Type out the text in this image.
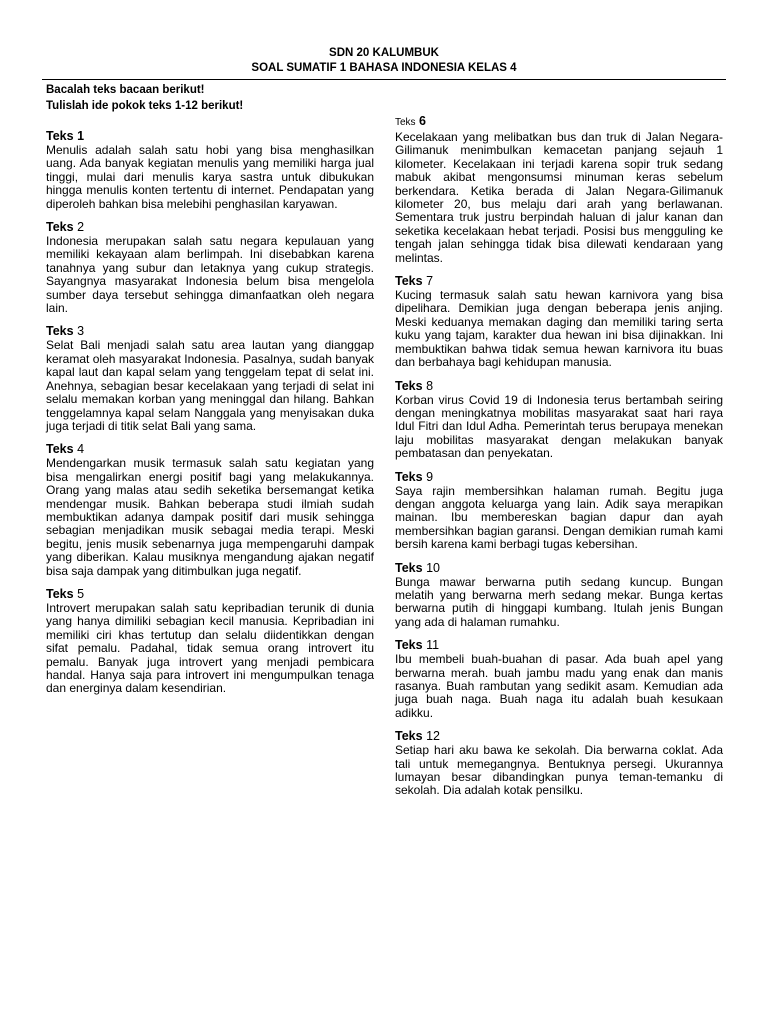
SDN 20 KALUMBUK
SOAL SUMATIF 1 BAHASA INDONESIA KELAS 4
Bacalah teks bacaan berikut!
Tulislah ide pokok teks 1-12 berikut!
Teks 1
Menulis adalah salah satu hobi yang bisa menghasilkan uang. Ada banyak kegiatan menulis yang memiliki harga jual tinggi, mulai dari menulis karya sastra untuk dibukukan hingga menulis konten tertentu di internet. Pendapatan yang diperoleh bahkan bisa melebihi penghasilan karyawan.
Teks 2
Indonesia merupakan salah satu negara kepulauan yang memiliki kekayaan alam berlimpah. Ini disebabkan karena tanahnya yang subur dan letaknya yang cukup strategis. Sayangnya masyarakat Indonesia belum bisa mengelola sumber daya tersebut sehingga dimanfaatkan oleh negara lain.
Teks 3
Selat Bali menjadi salah satu area lautan yang dianggap keramat oleh masyarakat Indonesia. Pasalnya, sudah banyak kapal laut dan kapal selam yang tenggelam tepat di selat ini. Anehnya, sebagian besar kecelakaan yang terjadi di selat ini selalu memakan korban yang meninggal dan hilang. Bahkan tenggelamnya kapal selam Nanggala yang menyisakan duka juga terjadi di titik selat Bali yang sama.
Teks 4
Mendengarkan musik termasuk salah satu kegiatan yang bisa mengalirkan energi positif bagi yang melakukannya. Orang yang malas atau sedih seketika bersemangat ketika mendengar musik. Bahkan beberapa studi ilmiah sudah membuktikan adanya dampak positif dari musik sehingga sebagian menjadikan musik sebagai media terapi. Meski begitu, jenis musik sebenarnya juga mempengaruhi dampak yang diberikan. Kalau musiknya mengandung ajakan negatif bisa saja dampak yang ditimbulkan juga negatif.
Teks 5
Introvert merupakan salah satu kepribadian terunik di dunia yang hanya dimiliki sebagian kecil manusia. Kepribadian ini memiliki ciri khas tertutup dan selalu diidentikkan dengan sifat pemalu. Padahal, tidak semua orang introvert itu pemalu. Banyak juga introvert yang menjadi pembicara handal. Hanya saja para introvert ini mengumpulkan tenaga dan energinya dalam kesendirian.
Teks 6
Kecelakaan yang melibatkan bus dan truk di Jalan Negara-Gilimanuk menimbulkan kemacetan panjang sejauh 1 kilometer. Kecelakaan ini terjadi karena sopir truk sedang mabuk akibat mengonsumsi minuman keras sebelum berkendara. Ketika berada di Jalan Negara-Gilimanuk kilometer 20, bus melaju dari arah yang berlawanan. Sementara truk justru berpindah haluan di jalur kanan dan seketika kecelakaan hebat terjadi. Posisi bus mengguling ke tengah jalan sehingga tidak bisa dilewati kendaraan yang melintas.
Teks 7
Kucing termasuk salah satu hewan karnivora yang bisa dipelihara. Demikian juga dengan beberapa jenis anjing. Meski keduanya memakan daging dan memiliki taring serta kuku yang tajam, karakter dua hewan ini bisa dijinakkan. Ini membuktikan bahwa tidak semua hewan karnivora itu buas dan berbahaya bagi kehidupan manusia.
Teks 8
Korban virus Covid 19 di Indonesia terus bertambah seiring dengan meningkatnya mobilitas masyarakat saat hari raya Idul Fitri dan Idul Adha. Pemerintah terus berupaya menekan laju mobilitas masyarakat dengan melakukan banyak pembatasan dan penyekatan.
Teks 9
Saya rajin membersihkan halaman rumah. Begitu juga dengan anggota keluarga yang lain. Adik saya merapikan mainan. Ibu membereskan bagian dapur dan ayah membersihkan bagian garansi. Dengan demikian rumah kami bersih karena kami berbagi tugas kebersihan.
Teks 10
Bunga mawar berwarna putih sedang kuncup. Bungan melatih yang berwarna merh sedang mekar. Bunga kertas berwarna putih di hinggapi kumbang. Itulah jenis Bungan yang ada di halaman rumahku.
Teks 11
Ibu membeli buah-buahan di pasar. Ada buah apel yang berwarna merah. buah jambu madu yang enak dan manis rasanya. Buah rambutan yang sedikit asam. Kemudian ada juga buah naga. Buah naga itu adalah buah kesukaan adikku.
Teks 12
Setiap hari aku bawa ke sekolah. Dia berwarna coklat. Ada tali untuk memegangnya. Bentuknya persegi. Ukurannya lumayan besar dibandingkan punya teman-temanku di sekolah. Dia adalah kotak pensilku.
